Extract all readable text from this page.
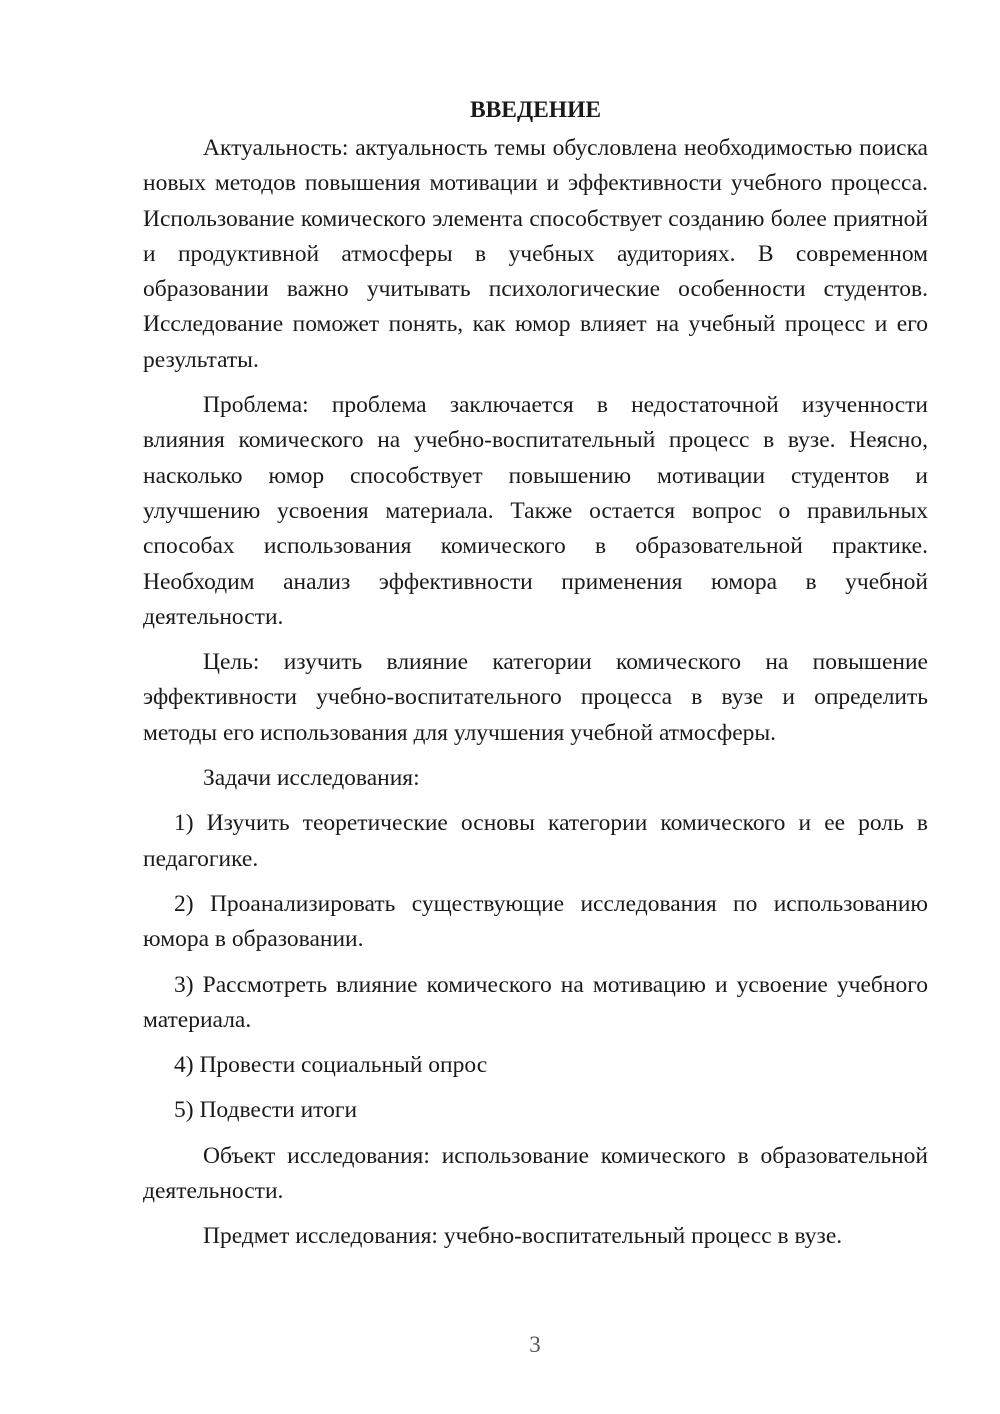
ВВЕДЕНИЕ

Актуальность: актуальность темы обусловлена необходимостью поиска новых методов повышения мотивации и эффективности учебного процесса. Использование комического элемента способствует созданию более приятной и продуктивной атмосферы в учебных аудиториях. В современном образовании важно учитывать психологические особенности студентов. Исследование поможет понять, как юмор влияет на учебный процесс и его результаты.

Проблема: проблема заключается в недостаточной изученности влияния комического на учебно-воспитательный процесс в вузе. Неясно, насколько юмор способствует повышению мотивации студентов и улучшению усвоения материала. Также остается вопрос о правильных способах использования комического в образовательной практике. Необходим анализ эффективности применения юмора в учебной деятельности.

Цель: изучить влияние категории комического на повышение эффективности учебно-воспитательного процесса в вузе и определить методы его использования для улучшения учебной атмосферы.

Задачи исследования:

1) Изучить теоретические основы категории комического и ее роль в педагогике.

2) Проанализировать существующие исследования по использованию юмора в образовании.

3) Рассмотреть влияние комического на мотивацию и усвоение учебного материала.

4) Провести социальный опрос

5) Подвести итоги

Объект исследования: использование комического в образовательной деятельности.

Предмет исследования: учебно-воспитательный процесс в вузе.

3
